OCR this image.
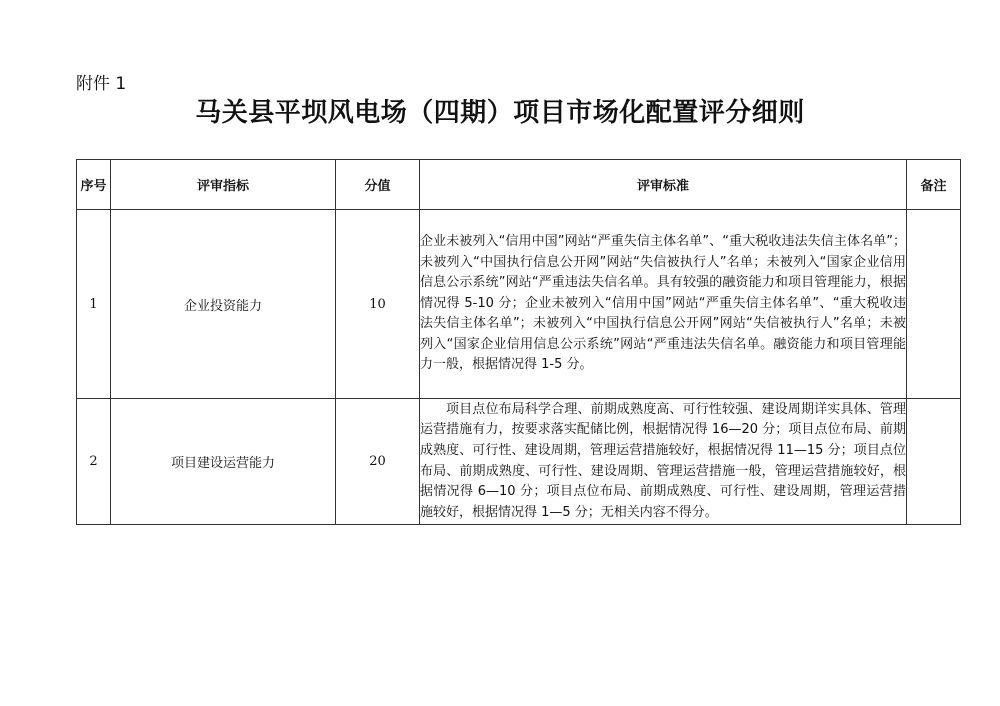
附件 1
马关县平坝风电场（四期）项目市场化配置评分细则
序号	评审指标	分值	评审标准	备注
1	企业投资能力	10	企业未被列入“信用中国”网站“严重失信主体名单”、“重大税收违法失信主体名单”；未被列入“中国执行信息公开网”网站“失信被执行人”名单；未被列入“国家企业信用信息公示系统”网站“严重违法失信名单。具有较强的融资能力和项目管理能力，根据情况得 5-10 分；企业未被列入“信用中国”网站“严重失信主体名单”、“重大税收违法失信主体名单”；未被列入“中国执行信息公开网”网站“失信被执行人”名单；未被列入“国家企业信用信息公示系统”网站“严重违法失信名单。融资能力和项目管理能力一般，根据情况得 1-5 分。	
2	项目建设运营能力	20	项目点位布局科学合理、前期成熟度高、可行性较强、建设周期详实具体、管理运营措施有力，按要求落实配储比例，根据情况得 16—20 分；项目点位布局、前期成熟度、可行性、建设周期，管理运营措施较好，根据情况得 11—15 分；项目点位布局、前期成熟度、可行性、建设周期、管理运营措施一般，管理运营措施较好，根据情况得 6—10 分；项目点位布局、前期成熟度、可行性、建设周期，管理运营措施较好，根据情况得 1—5 分；无相关内容不得分。	
